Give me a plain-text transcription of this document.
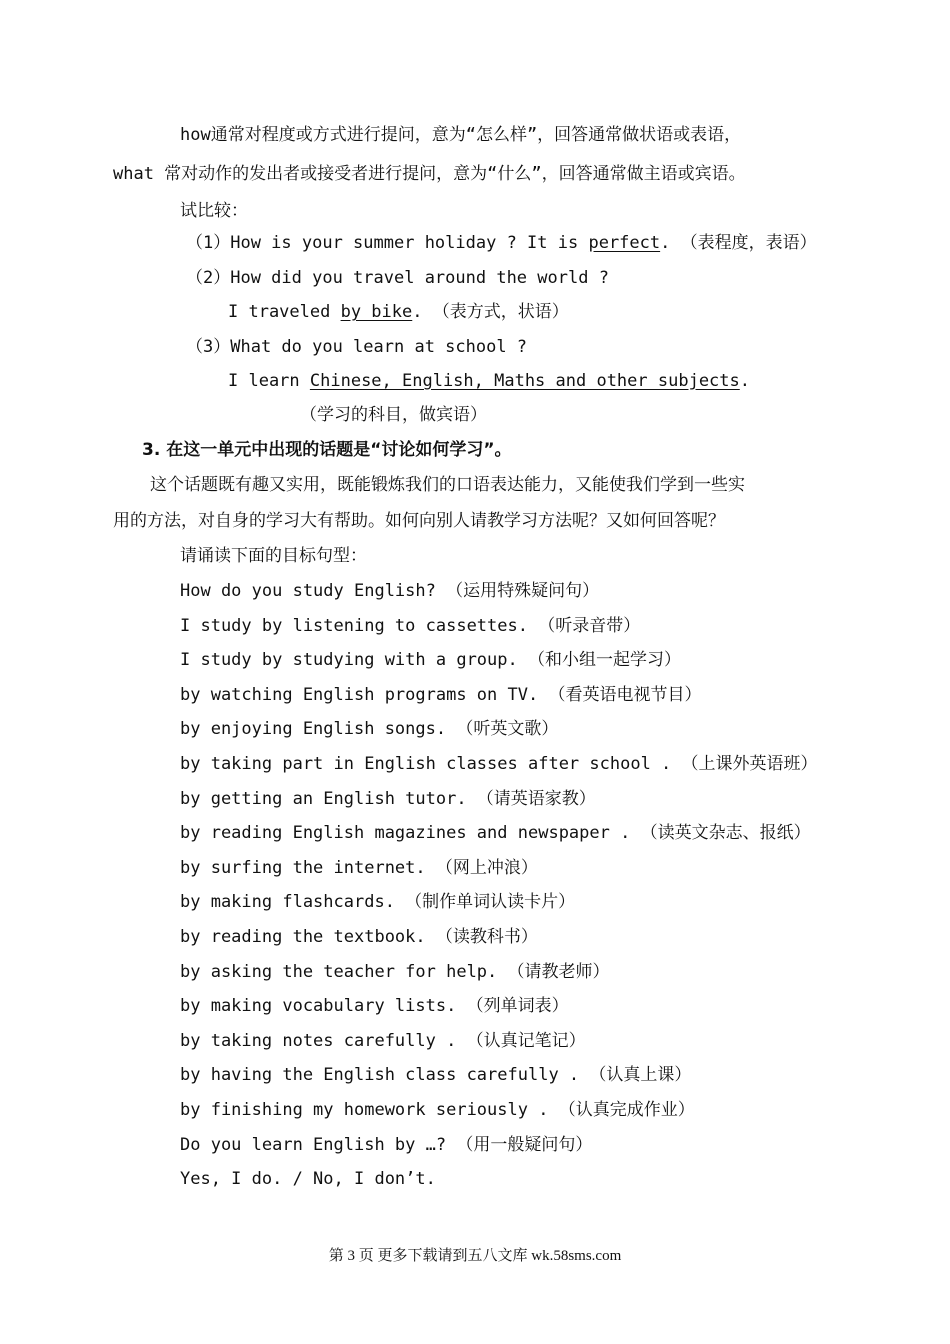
how通常对程度或方式进行提问，意为“怎么样”，回答通常做状语或表语，
what 常对动作的发出者或接受者进行提问，意为“什么”，回答通常做主语或宾语。
试比较：
（1）How is your summer holiday ? It is perfect. （表程度，表语）
（2）How did you travel around the world ?
I traveled by bike. （表方式，状语）
（3）What do you learn at school ?
I learn Chinese, English, Maths and other subjects.
（学习的科目，做宾语）
3. 在这一单元中出现的话题是“讨论如何学习”。
这个话题既有趣又实用，既能锻炼我们的口语表达能力，又能使我们学到一些实
用的方法，对自身的学习大有帮助。如何向别人请教学习方法呢？又如何回答呢？
请诵读下面的目标句型：
How do you study English? （运用特殊疑问句）
I study by listening to cassettes. （听录音带）
I study by studying with a group. （和小组一起学习）
by watching English programs on TV. （看英语电视节目）
by enjoying English songs. （听英文歌）
by taking part in English classes after school . （上课外英语班）
by getting an English tutor. （请英语家教）
by reading English magazines and newspaper . （读英文杂志、报纸）
by surfing the internet. （网上冲浪）
by making flashcards. （制作单词认读卡片）
by reading the textbook. （读教科书）
by asking the teacher for help. （请教老师）
by making vocabulary lists. （列单词表）
by taking notes carefully . （认真记笔记）
by having the English class carefully . （认真上课）
by finishing my homework seriously . （认真完成作业）
Do you learn English by …? （用一般疑问句）
Yes, I do. / No, I don’t.
第 3 页 更多下载请到五八文库 wk.58sms.com
